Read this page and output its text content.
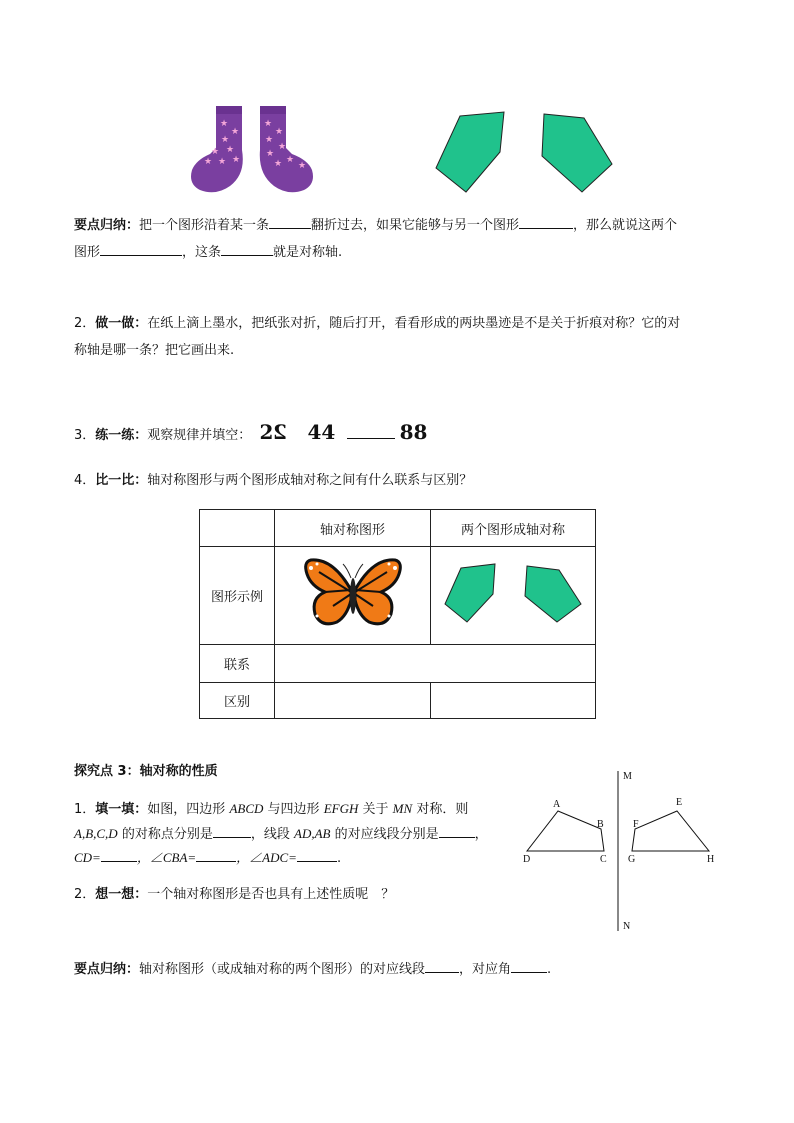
★
★
★
★ ★
★ ★ ★
★
★
★
★
★
★
★ ★
要点归纳：把一个图形沿着某一条	翻折过去，如果它能够与另一个图形	，那么就说这两个
图形	，这条	就是对称轴.
2．做一做：在纸上滴上墨水，把纸张对折，随后打开，看看形成的两块墨迹是不是关于折痕对称？它的对
称轴是哪一条？把它画出来.
3．练一练：观察规律并填空： 22 44	88
4．比一比：轴对称图形与两个图形成轴对称之间有什么联系与区别？
	轴对称图形	两个图形成轴对称
图形示例		
联系		
区别		
探究点 3：轴对称的性质
1．填一填：如图，四边形 ABCD 与四边形 EFGH 关于 MN 对称．则
A,B,C,D 的对称点分别是	，线段 AD,AB 的对应线段分别是	，
CD=	，∠CBA=	，∠ADC=	.
2．想一想：一个轴对称图形是否也具有上述性质呢　？
M
N
A
B
C
D
E
F
G	H
要点归纳：轴对称图形（或成轴对称的两个图形）的对应线段	，对应角	.
